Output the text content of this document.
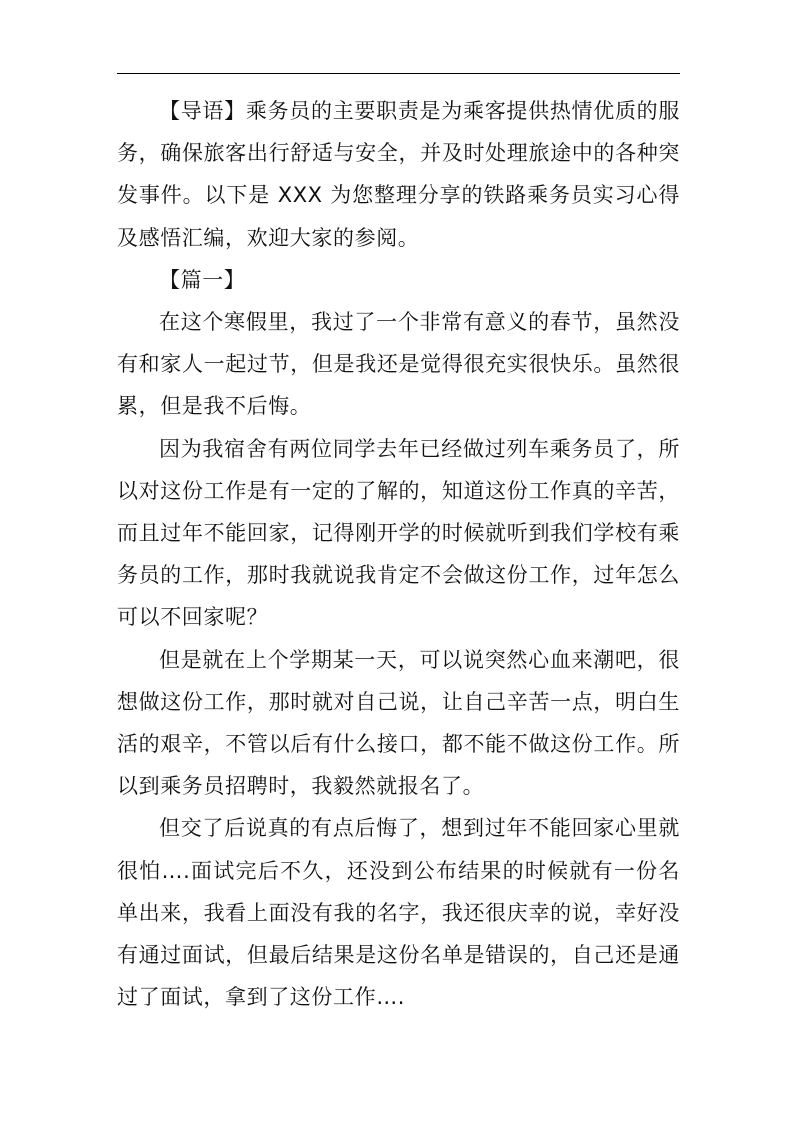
【导语】乘务员的主要职责是为乘客提供热情优质的服务，确保旅客出行舒适与安全，并及时处理旅途中的各种突发事件。以下是 XXX 为您整理分享的铁路乘务员实习心得及感悟汇编，欢迎大家的参阅。

【篇一】

在这个寒假里，我过了一个非常有意义的春节，虽然没有和家人一起过节，但是我还是觉得很充实很快乐。虽然很累，但是我不后悔。

因为我宿舍有两位同学去年已经做过列车乘务员了，所以对这份工作是有一定的了解的，知道这份工作真的辛苦，而且过年不能回家，记得刚开学的时候就听到我们学校有乘务员的工作，那时我就说我肯定不会做这份工作，过年怎么可以不回家呢？

但是就在上个学期某一天，可以说突然心血来潮吧，很想做这份工作，那时就对自己说，让自己辛苦一点，明白生活的艰辛，不管以后有什么接口，都不能不做这份工作。所以到乘务员招聘时，我毅然就报名了。

但交了后说真的有点后悔了，想到过年不能回家心里就很怕….面试完后不久，还没到公布结果的时候就有一份名单出来，我看上面没有我的名字，我还很庆幸的说，幸好没有通过面试，但最后结果是这份名单是错误的，自己还是通过了面试，拿到了这份工作….
